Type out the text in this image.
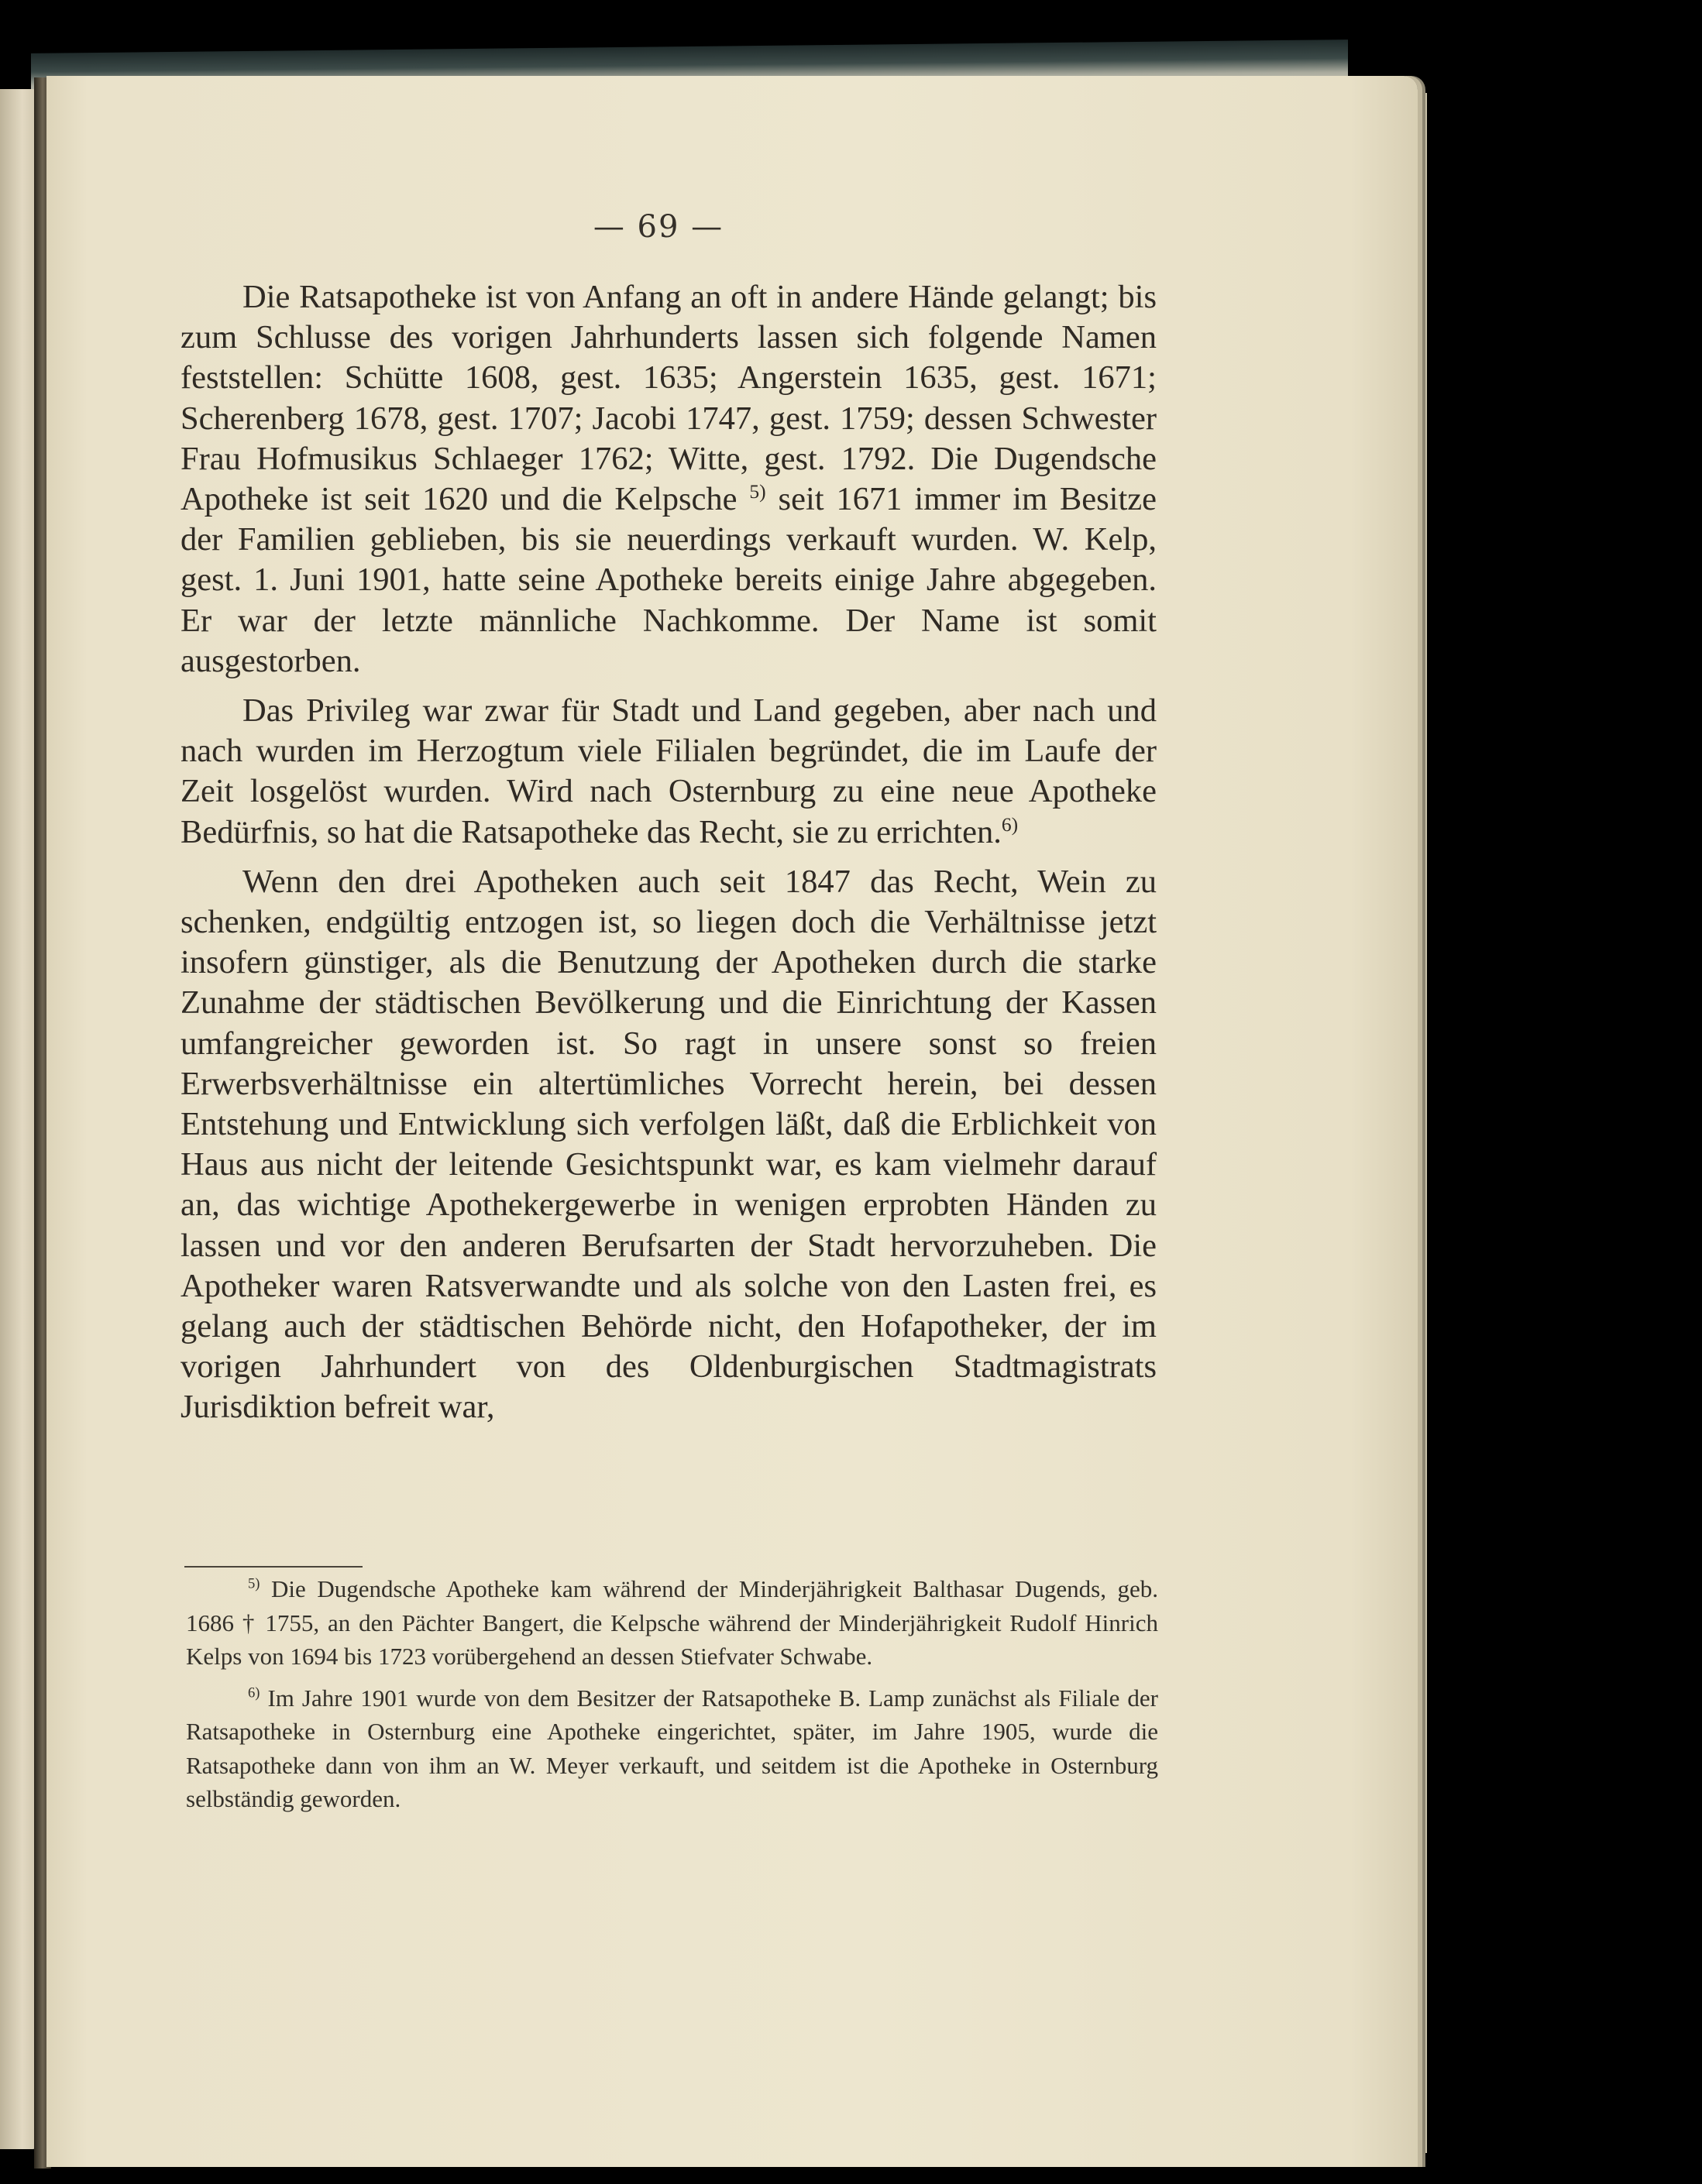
— 69 —

Die Ratsapotheke ist von Anfang an oft in andere Hände gelangt; bis zum Schlusse des vorigen Jahrhunderts lassen sich folgende Namen feststellen: Schütte 1608, gest. 1635; Angerstein 1635, gest. 1671; Scherenberg 1678, gest. 1707; Jacobi 1747, gest. 1759; dessen Schwester Frau Hofmusikus Schlaeger 1762; Witte, gest. 1792. Die Dugendsche Apotheke ist seit 1620 und die Kelpsche $^{5)}$ seit 1671 immer im Besitze der Familien geblieben, bis sie neuerdings verkauft wurden. W. Kelp, gest. 1. Juni 1901, hatte seine Apotheke bereits einige Jahre abgegeben. Er war der letzte männliche Nachkomme. Der Name ist somit ausgestorben.

Das Privileg war zwar für Stadt und Land gegeben, aber nach und nach wurden im Herzogtum viele Filialen begründet, die im Laufe der Zeit losgelöst wurden. Wird nach Osternburg zu eine neue Apotheke Bedürfnis, so hat die Ratsapotheke das Recht, sie zu errichten.$^{6)}$

Wenn den drei Apotheken auch seit 1847 das Recht, Wein zu schenken, endgültig entzogen ist, so liegen doch die Verhältnisse jetzt insofern günstiger, als die Benutzung der Apotheken durch die starke Zunahme der städtischen Bevölkerung und die Einrichtung der Kassen umfangreicher geworden ist. So ragt in unsere sonst so freien Erwerbsverhältnisse ein altertümliches Vorrecht herein, bei dessen Entstehung und Entwicklung sich verfolgen läßt, daß die Erblichkeit von Haus aus nicht der leitende Gesichtspunkt war, es kam vielmehr darauf an, das wichtige Apothekergewerbe in wenigen erprobten Händen zu lassen und vor den anderen Berufsarten der Stadt hervorzuheben. Die Apotheker waren Ratsverwandte und als solche von den Lasten frei, es gelang auch der städtischen Behörde nicht, den Hofapotheker, der im vorigen Jahrhundert von des Oldenburgischen Stadtmagistrats Jurisdiktion befreit war,

$^{5)}$ Die Dugendsche Apotheke kam während der Minderjährigkeit Balthasar Dugends, geb. 1686 † 1755, an den Pächter Bangert, die Kelpsche während der Minderjährigkeit Rudolf Hinrich Kelps von 1694 bis 1723 vorübergehend an dessen Stiefvater Schwabe.

$^{6)}$ Im Jahre 1901 wurde von dem Besitzer der Ratsapotheke B. Lamp zunächst als Filiale der Ratsapotheke in Osternburg eine Apotheke eingerichtet, später, im Jahre 1905, wurde die Ratsapotheke dann von ihm an W. Meyer verkauft, und seitdem ist die Apotheke in Osternburg selbständig geworden.
